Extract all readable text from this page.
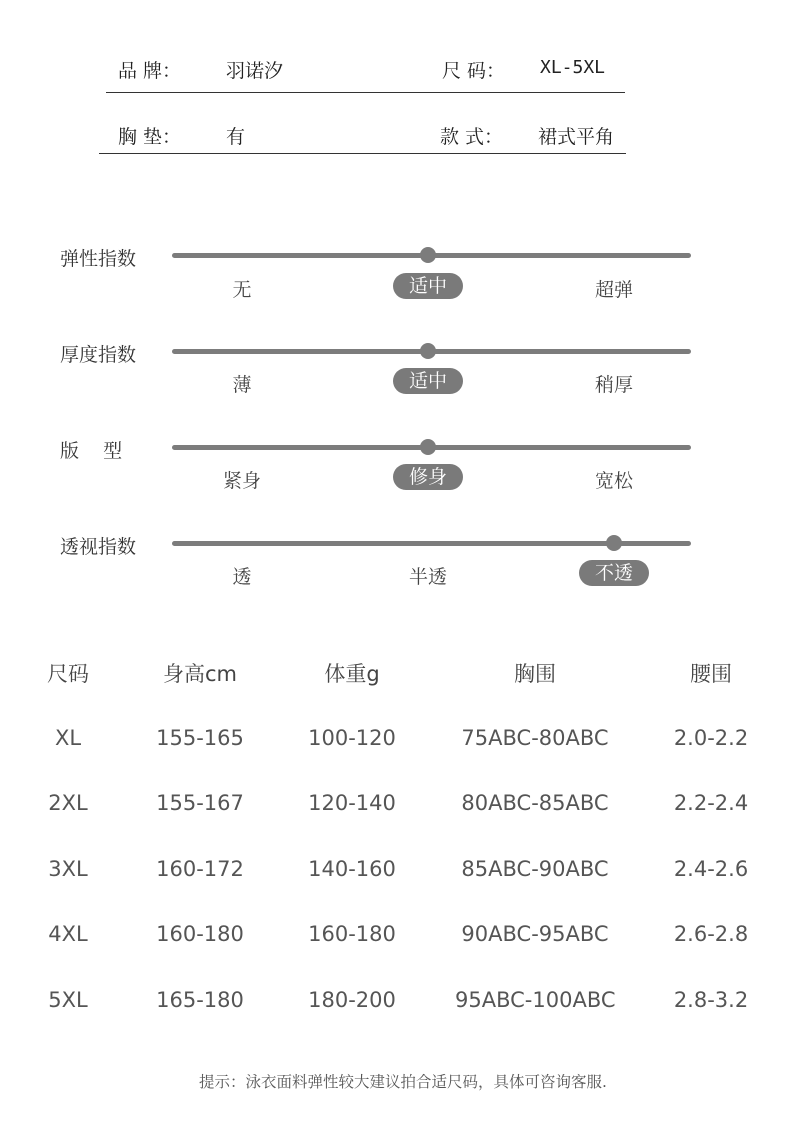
品 牌： 羽诺汐	尺 码： XL-5XL
胸 垫： 有	款 式： 裙式平角
弹性指数
无	适中	超弹
厚度指数
薄	适中	稍厚
版    型
紧身	修身	宽松
透视指数
透	半透	不透
尺码	身高cm	体重g	胸围	腰围
XL	155-165	100-120	75ABC-80ABC	2.0-2.2
2XL	155-167	120-140	80ABC-85ABC	2.2-2.4
3XL	160-172	140-160	85ABC-90ABC	2.4-2.6
4XL	160-180	160-180	90ABC-95ABC	2.6-2.8
5XL	165-180	180-200	95ABC-100ABC	2.8-3.2
提示：泳衣面料弹性较大建议拍合适尺码，具体可咨询客服.
